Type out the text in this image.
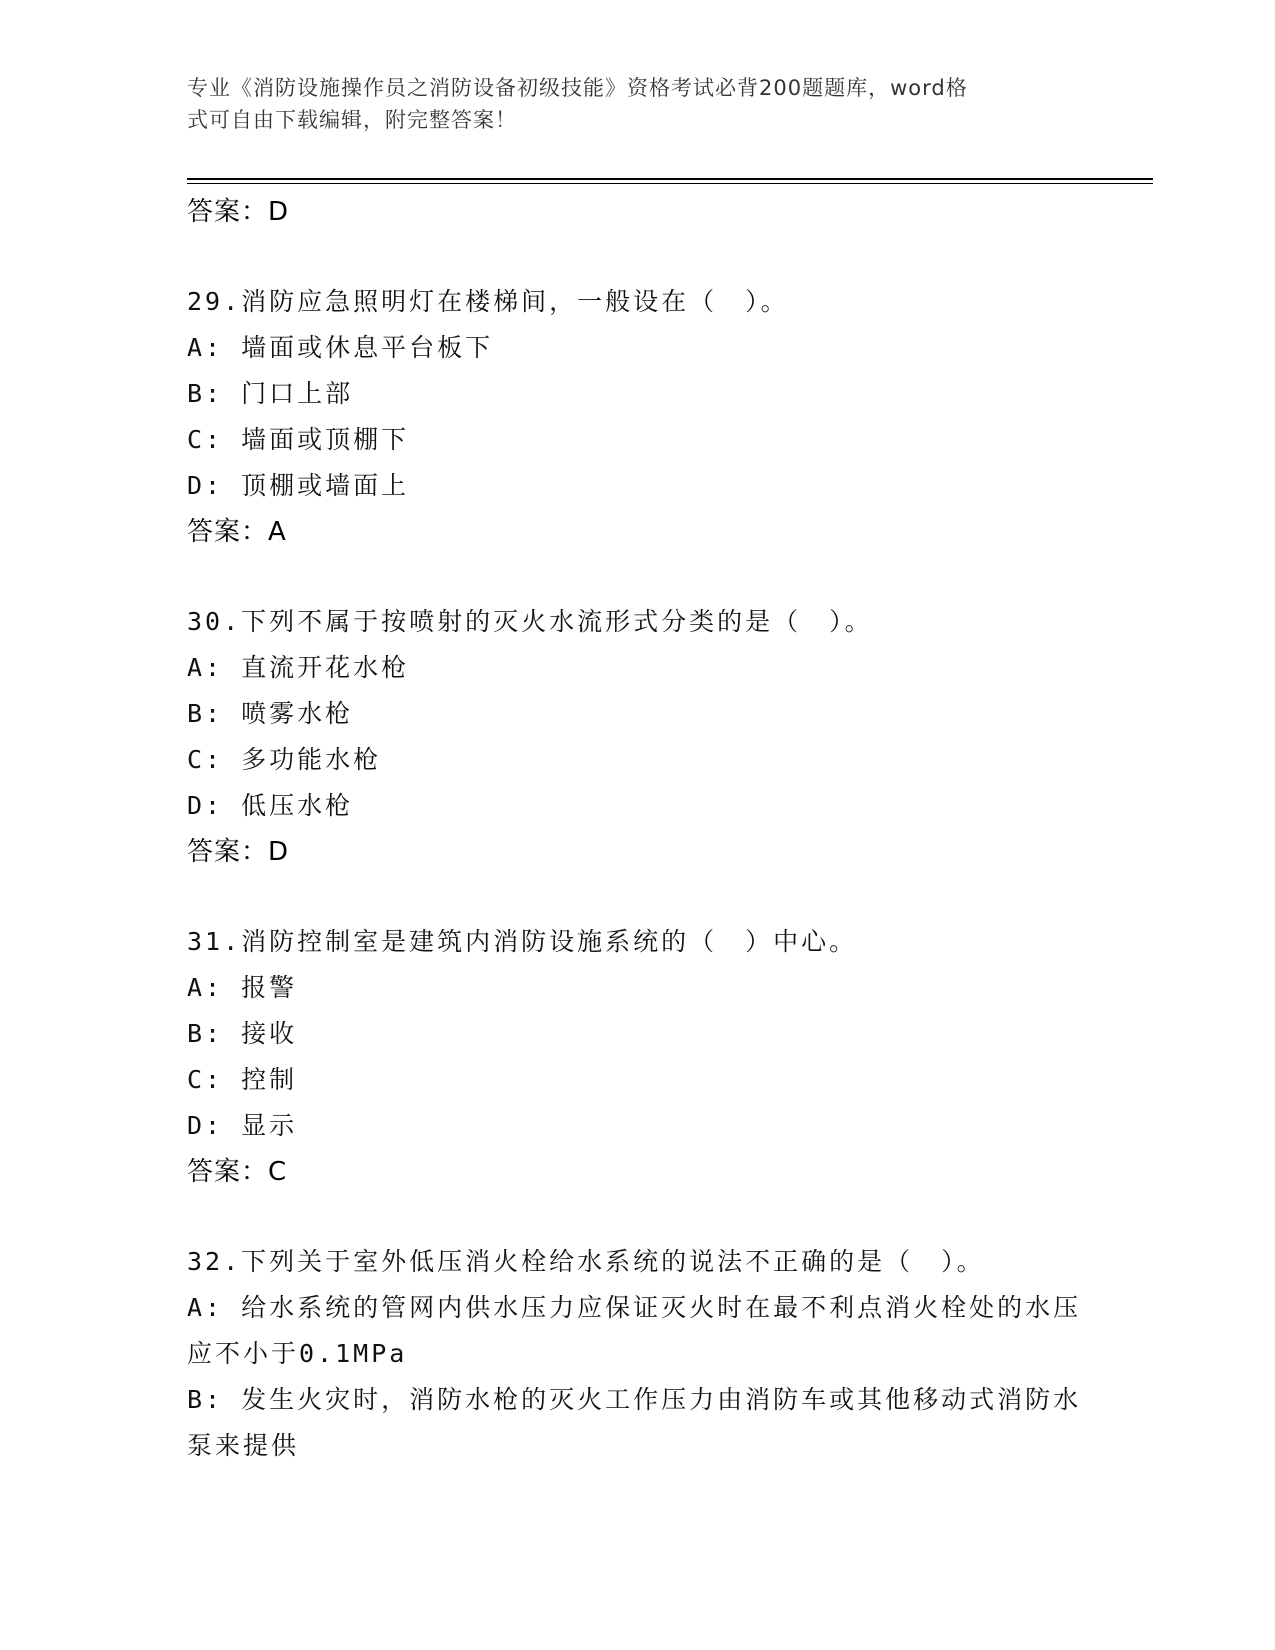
专业《消防设施操作员之消防设备初级技能》资格考试必背200题题库，word格
式可自由下载编辑，附完整答案！
答案：D
29.消防应急照明灯在楼梯间，一般设在（　）。
A: 墙面或休息平台板下
B: 门口上部
C: 墙面或顶棚下
D: 顶棚或墙面上
答案：A
30.下列不属于按喷射的灭火水流形式分类的是（　）。
A: 直流开花水枪
B: 喷雾水枪
C: 多功能水枪
D: 低压水枪
答案：D
31.消防控制室是建筑内消防设施系统的（　）中心。
A: 报警
B: 接收
C: 控制
D: 显示
答案：C
32.下列关于室外低压消火栓给水系统的说法不正确的是（　）。
A: 给水系统的管网内供水压力应保证灭火时在最不利点消火栓处的水压应不小于0.1MPa
B: 发生火灾时，消防水枪的灭火工作压力由消防车或其他移动式消防水泵来提供
